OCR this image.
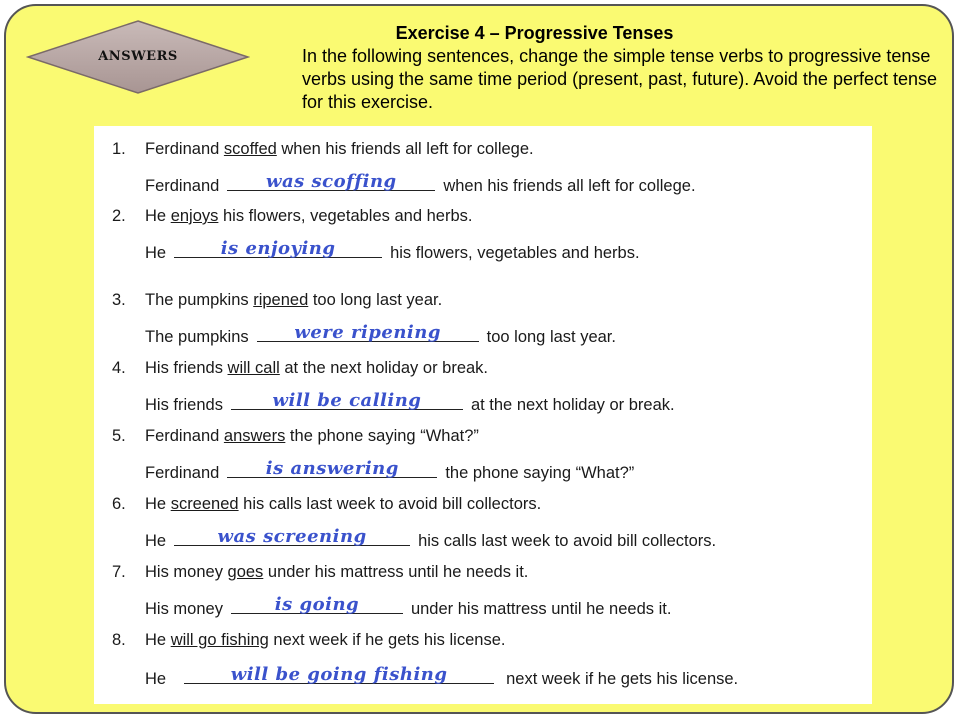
ANSWERS
Exercise 4 – Progressive Tenses

In the following sentences, change the simple tense verbs to progressive tense verbs using the same time period (present, past, future). Avoid the perfect tense for this exercise.

1. Ferdinand scoffed when his friends all left for college.
Ferdinand	was scoffing	when his friends all left for college.
2. He enjoys his flowers, vegetables and herbs.
He	is enjoying	his flowers, vegetables and herbs.
3. The pumpkins ripened too long last year.
The pumpkins	were ripening	too long last year.
4. His friends will call at the next holiday or break.
His friends	will be calling	at the next holiday or break.
5. Ferdinand answers the phone saying “What?”
Ferdinand	is answering	the phone saying “What?”
6. He screened his calls last week to avoid bill collectors.
He	was screening	his calls last week to avoid bill collectors.
7. His money goes under his mattress until he needs it.
His money	is going	under his mattress until he needs it.
8. He will go fishing next week if he gets his license.
He	will be going fishing	next week if he gets his license.
